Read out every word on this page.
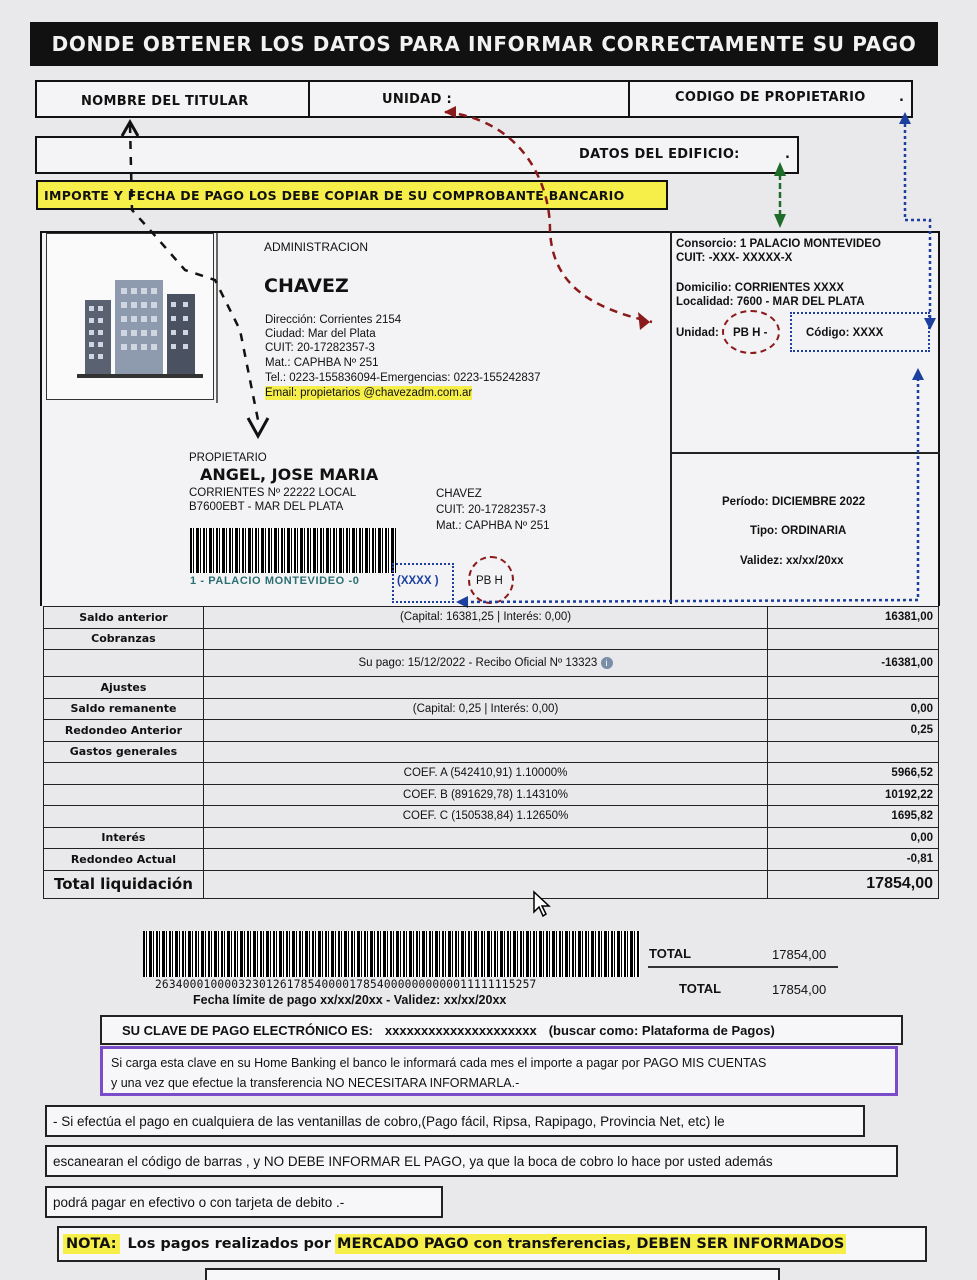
DONDE OBTENER LOS DATOS PARA INFORMAR CORRECTAMENTE SU PAGO
NOMBRE DEL TITULAR	UNIDAD :	CODIGO DE PROPIETARIO	.
DATOS DEL EDIFICIO:	.
IMPORTE Y FECHA DE PAGO LOS DEBE COPIAR DE SU COMPROBANTE BANCARIO
ADMINISTRACION
CHAVEZ
Dirección: Corrientes 2154
Ciudad: Mar del Plata
CUIT: 20-17282357-3
Mat.: CAPHBA Nº 251
Tel.: 0223-155836094-Emergencias: 0223-155242837
Email: propietarios @chavezadm.com.ar
Consorcio: 1 PALACIO MONTEVIDEO
CUIT: -XXX- XXXXX-X
Domicilio: CORRIENTES XXXX
Localidad: 7600 - MAR DEL PLATA
Unidad: PB H -	Código: XXXX
Período: DICIEMBRE 2022
Tipo: ORDINARIA
Validez: xx/xx/20xx
PROPIETARIO
ANGEL, JOSE MARIA
CORRIENTES Nº 22222 LOCAL
B7600EBT - MAR DEL PLATA
CHAVEZ
CUIT: 20-17282357-3
Mat.: CAPHBA Nº 251
1 - PALACIO MONTEVIDEO -0	(XXXX )	PB H
Saldo anterior	(Capital: 16381,25 | Interés: 0,00)	16381,00
Cobranzas		
	Su pago: 15/12/2022 - Recibo Oficial Nº 13323 i	-16381,00
Ajustes		
Saldo remanente	(Capital: 0,25 | Interés: 0,00)	0,00
Redondeo Anterior		0,25
Gastos generales		
	COEF. A (542410,91) 1.10000%	5966,52
	COEF. B (891629,78) 1.14310%	10192,22
	COEF. C (150538,84) 1.12650%	1695,82
Interés		0,00
Redondeo Actual		-0,81
Total liquidación		17854,00
2634000100003230126178540000178540000000000011111115257
Fecha límite de pago xx/xx/20xx - Validez: xx/xx/20xx
TOTAL	17854,00
TOTAL	17854,00
SU CLAVE DE PAGO ELECTRÓNICO ES: xxxxxxxxxxxxxxxxxxxxx (buscar como: Plataforma de Pagos)
Si carga esta clave en su Home Banking el banco le informará cada mes el importe a pagar por PAGO MIS CUENTAS
y una vez que efectue la transferencia NO NECESITARA INFORMARLA.-
- Si efectúa el pago en cualquiera de las ventanillas de cobro,(Pago fácil, Ripsa, Rapipago, Provincia Net, etc) le
escanearan el código de barras , y NO DEBE INFORMAR EL PAGO, ya que la boca de cobro lo hace por usted además
podrá pagar en efectivo o con tarjeta de debito .-
NOTA: Los pagos realizados por MERCADO PAGO con transferencias, DEBEN SER INFORMADOS
